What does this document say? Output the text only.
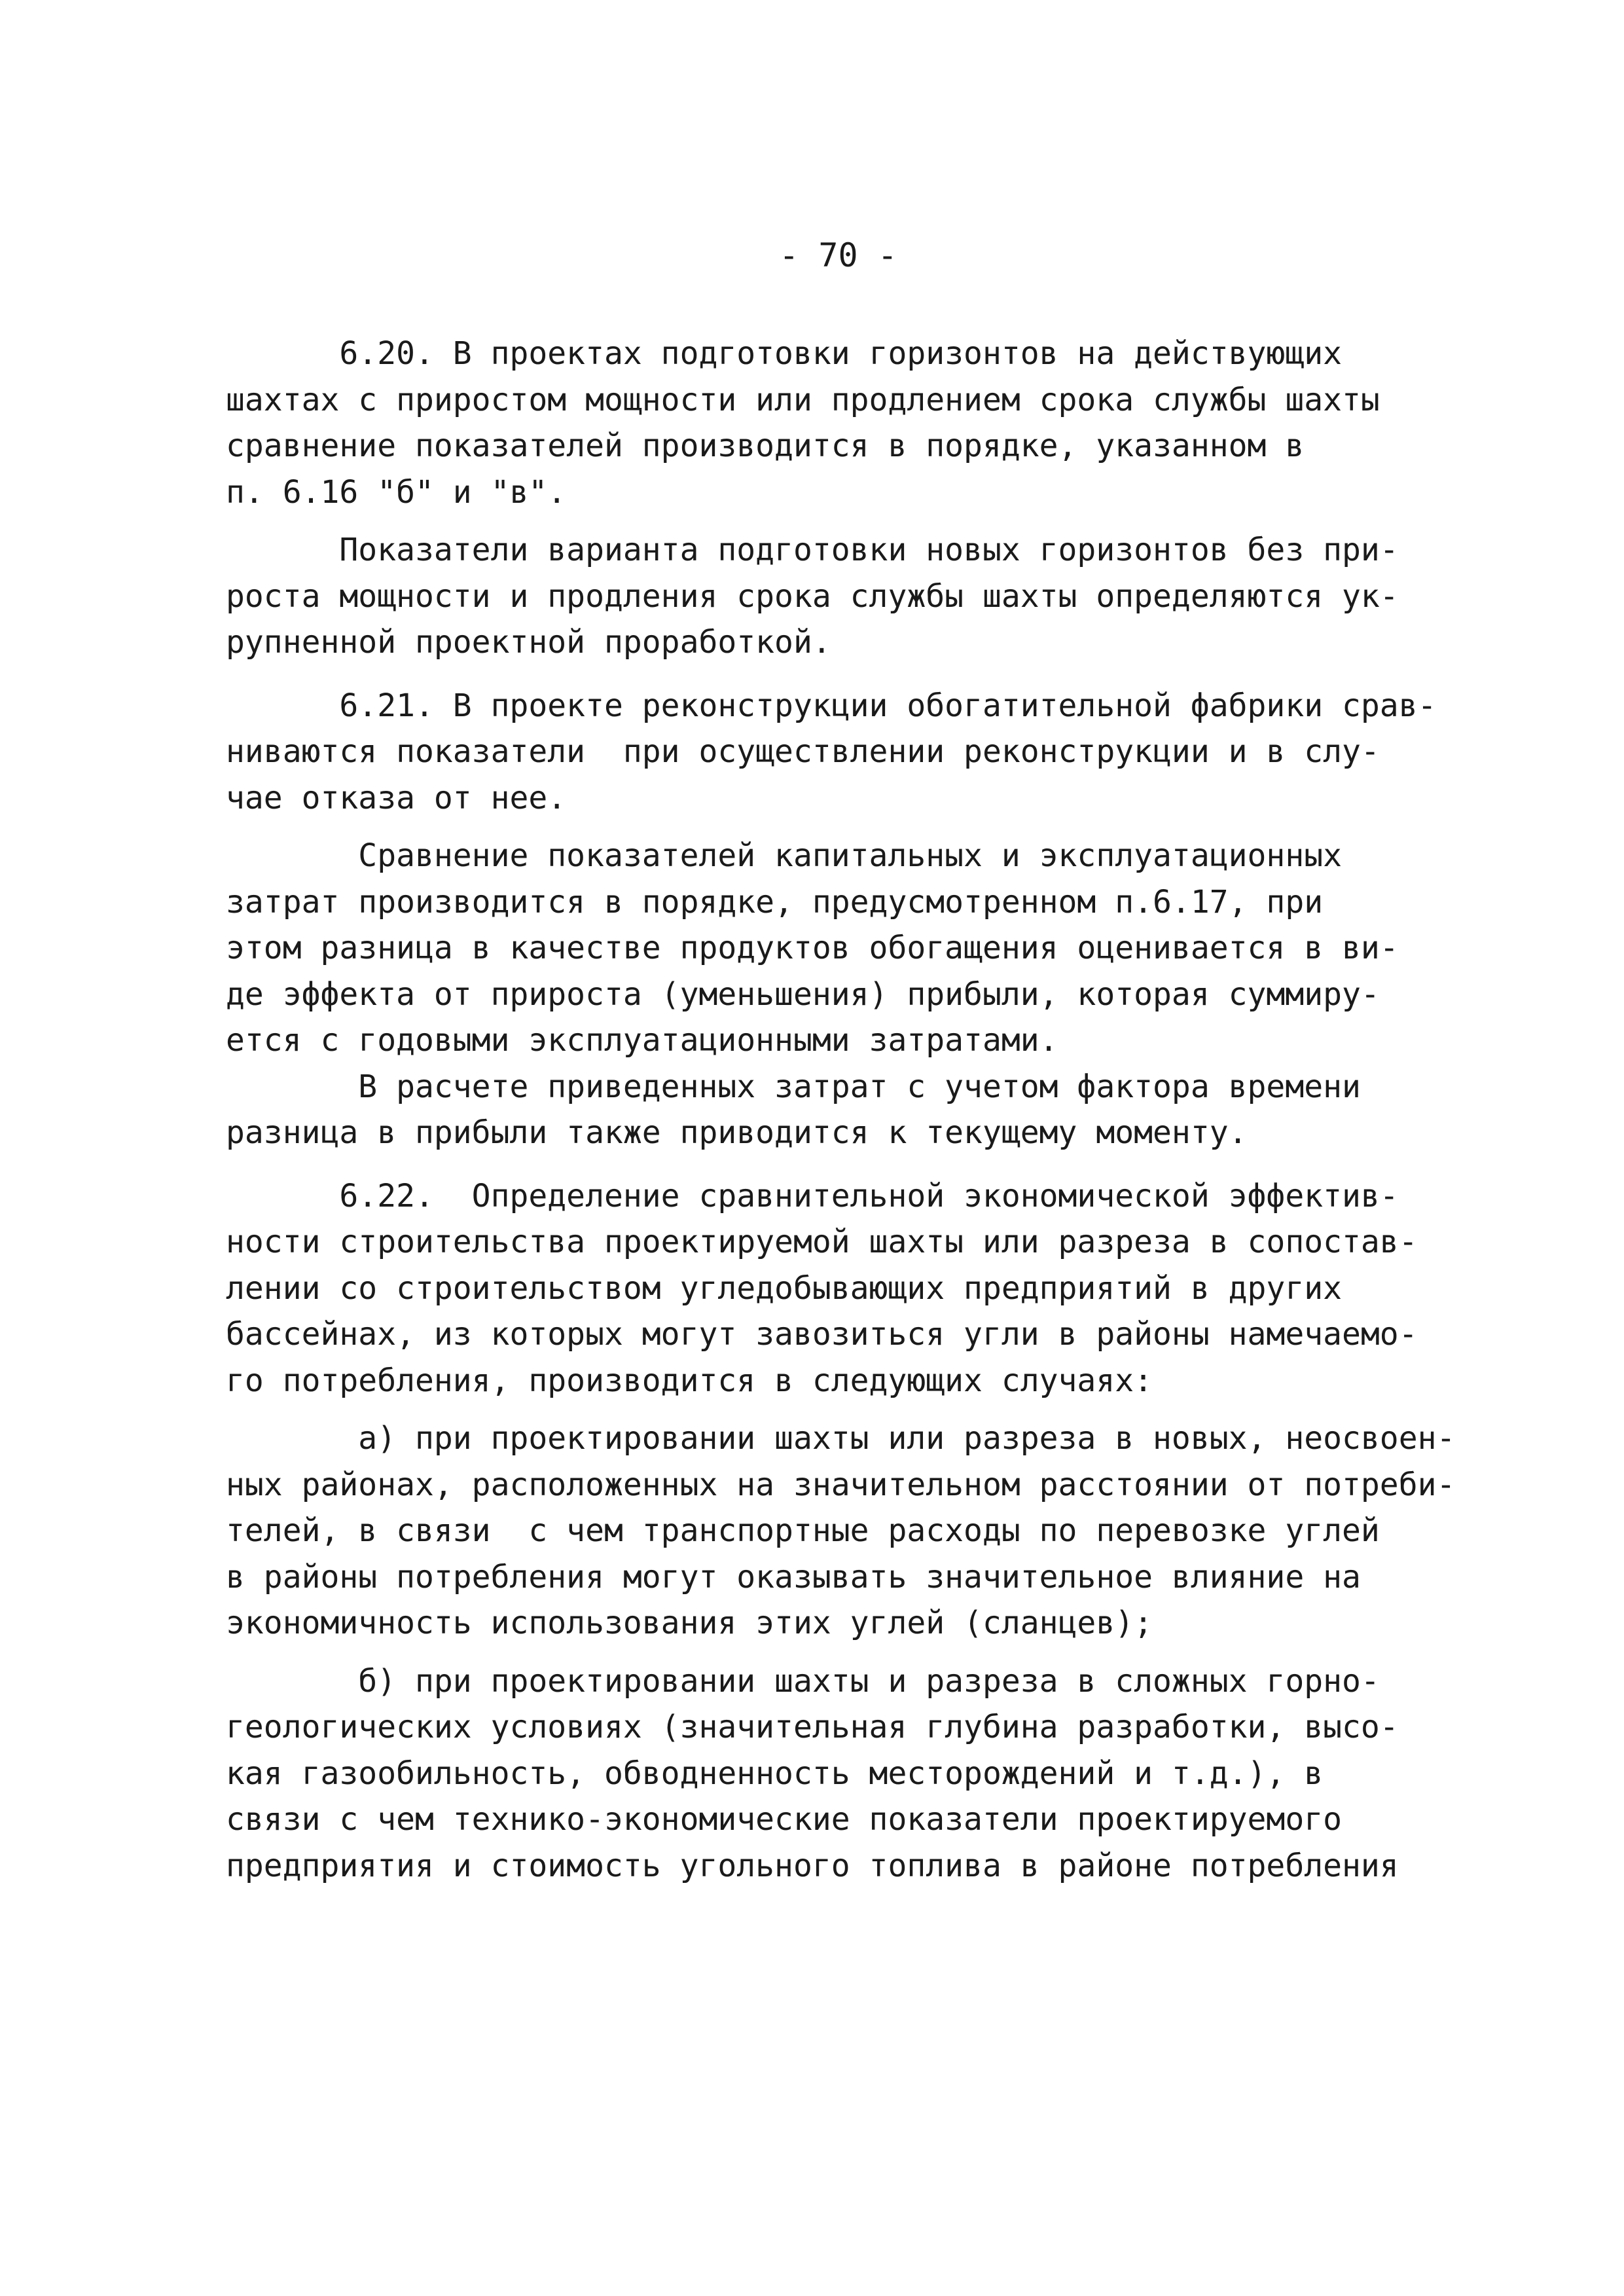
- 70 -

6.20. В проектах подготовки горизонтов на действующих

шахтах с приростом мощности или продлением срока службы шахты

сравнение показателей производится в порядке, указанном в

п. 6.16 "б" и "в".

Показатели варианта подготовки новых горизонтов без при-

роста мощности и продления срока службы шахты определяются ук-

рупненной проектной проработкой.

6.21. В проекте реконструкции обогатительной фабрики срав-

ниваются показатели  при осуществлении реконструкции и в слу-

чае отказа от нее.

Сравнение показателей капитальных и эксплуатационных

затрат производится в порядке, предусмотренном п.6.17, при

этом разница в качестве продуктов обогащения оценивается в ви-

де эффекта от прироста (уменьшения) прибыли, которая суммиру-

ется с годовыми эксплуатационными затратами.

В расчете приведенных затрат с учетом фактора времени

разница в прибыли также приводится к текущему моменту.

6.22.  Определение сравнительной экономической эффектив-

ности строительства проектируемой шахты или разреза в сопостав-

лении со строительством угледобывающих предприятий в других

бассейнах, из которых могут завозиться угли в районы намечаемо-

го потребления, производится в следующих случаях:

а) при проектировании шахты или разреза в новых, неосвоен-

ных районах, расположенных на значительном расстоянии от потреби-

телей, в связи  с чем транспортные расходы по перевозке углей

в районы потребления могут оказывать значительное влияние на

экономичность использования этих углей (сланцев);

б) при проектировании шахты и разреза в сложных горно-

геологических условиях (значительная глубина разработки, высо-

кая газообильность, обводненность месторождений и т.д.), в

связи с чем технико-экономические показатели проектируемого

предприятия и стоимость угольного топлива в районе потребления
